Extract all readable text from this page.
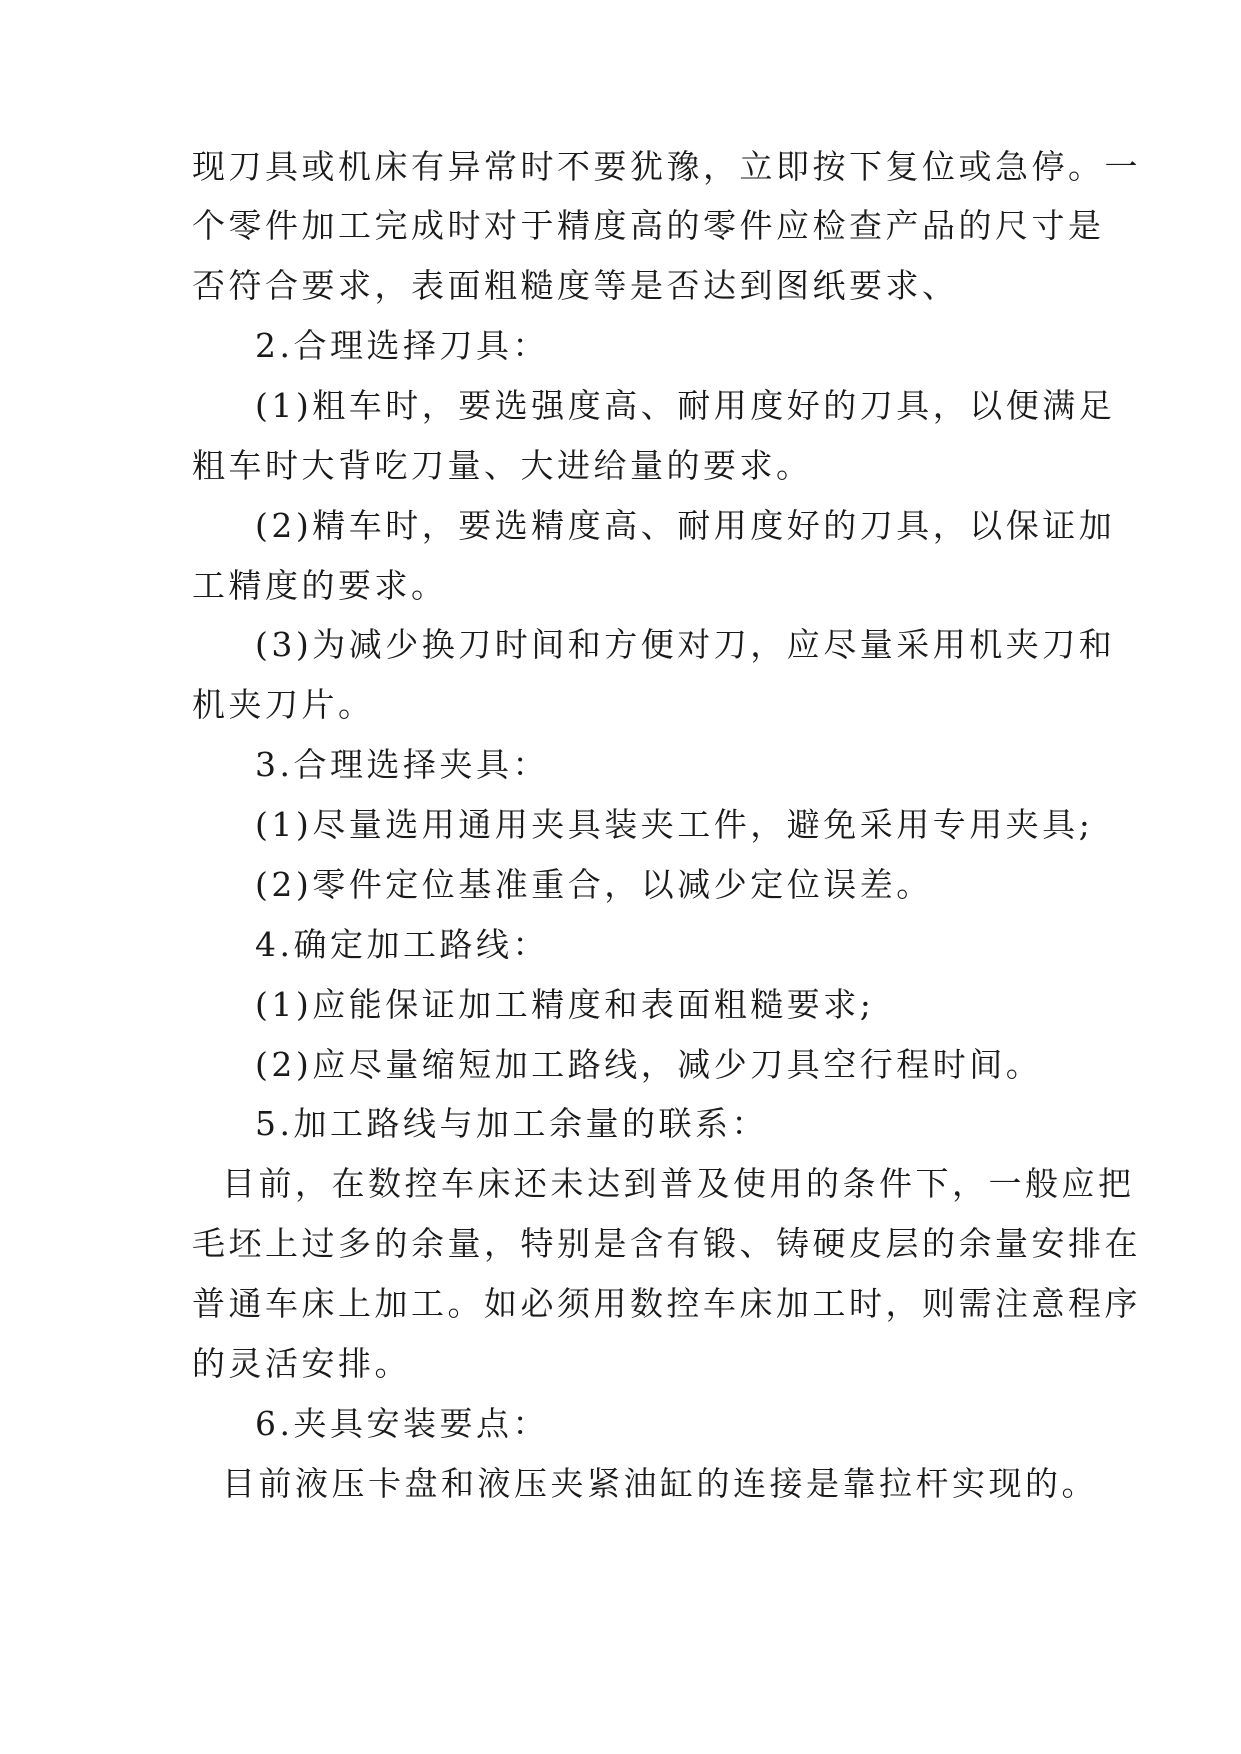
现刀具或机床有异常时不要犹豫，立即按下复位或急停。一
个零件加工完成时对于精度高的零件应检查产品的尺寸是
否符合要求，表面粗糙度等是否达到图纸要求、
2.合理选择刀具：
(1)粗车时，要选强度高、耐用度好的刀具，以便满足
粗车时大背吃刀量、大进给量的要求。
(2)精车时，要选精度高、耐用度好的刀具，以保证加
工精度的要求。
(3)为减少换刀时间和方便对刀，应尽量采用机夹刀和
机夹刀片。
3.合理选择夹具：
(1)尽量选用通用夹具装夹工件，避免采用专用夹具;
(2)零件定位基准重合，以减少定位误差。
4.确定加工路线：
(1)应能保证加工精度和表面粗糙要求;
(2)应尽量缩短加工路线，减少刀具空行程时间。
5.加工路线与加工余量的联系：
目前，在数控车床还未达到普及使用的条件下，一般应把
毛坯上过多的余量，特别是含有锻、铸硬皮层的余量安排在
普通车床上加工。如必须用数控车床加工时，则需注意程序
的灵活安排。
6.夹具安装要点：
目前液压卡盘和液压夹紧油缸的连接是靠拉杆实现的。
